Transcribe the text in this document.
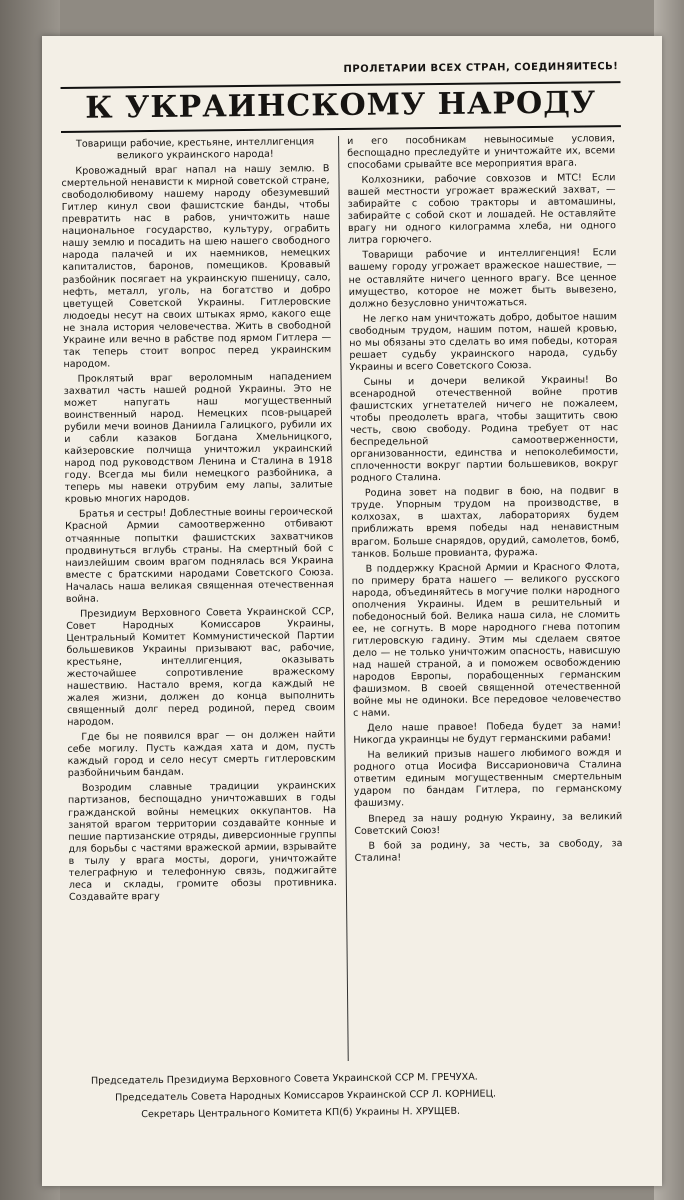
ПРОЛЕТАРИИ ВСЕХ СТРАН, СОЕДИНЯЙТЕСЬ!
К УКРАИНСКОМУ НАРОДУ

Товарищи рабочие, крестьяне, интеллигенция великого украинского народа!

Кровожадный враг напал на нашу землю. В смертельной ненависти к мирной советской стране, свободолюбивому нашему народу обезумевший Гитлер кинул свои фашистские банды, чтобы превратить нас в рабов, уничтожить наше национальное государство, культуру, ограбить нашу землю и посадить на шею нашего свободного народа палачей и их наемников, немецких капиталистов, баронов, помещиков. Кровавый разбойник посягает на украинскую пшеницу, сало, нефть, металл, уголь, на богатство и добро цветущей Советской Украины. Гитлеровские людоеды несут на своих штыках ярмо, какого еще не знала история человечества. Жить в свободной Украине или вечно в рабстве под ярмом Гитлера — так теперь стоит вопрос перед украинским народом.

Проклятый враг вероломным нападением захватил часть нашей родной Украины. Это не может напугать наш могущественный воинственный народ. Немецких псов-рыцарей рубили мечи воинов Даниила Галицкого, рубили их и сабли казаков Богдана Хмельницкого, кайзеровские полчища уничтожил украинский народ под руководством Ленина и Сталина в 1918 году. Всегда мы били немецкого разбойника, а теперь мы навеки отрубим ему лапы, залитые кровью многих народов.

Братья и сестры! Доблестные воины героической Красной Армии самоотверженно отбивают отчаянные попытки фашистских захватчиков продвинуться вглубь страны. На смертный бой с наизлейшим своим врагом поднялась вся Украина вместе с братскими народами Советского Союза. Началась наша великая священная отечественная война.

Президиум Верховного Совета Украинской ССР, Совет Народных Комиссаров Украины, Центральный Комитет Коммунистической Партии большевиков Украины призывают вас, рабочие, крестьяне, интеллигенция, оказывать жесточайшее сопротивление вражескому нашествию. Настало время, когда каждый не жалея жизни, должен до конца выполнить священный долг перед родиной, перед своим народом.

Где бы не появился враг — он должен найти себе могилу. Пусть каждая хата и дом, пусть каждый город и село несут смерть гитлеровским разбойничьим бандам.

Возродим славные традиции украинских партизанов, беспощадно уничтожавших в годы гражданской войны немецких оккупантов. На занятой врагом территории создавайте конные и пешие партизанские отряды, диверсионные группы для борьбы с частями вражеской армии, взрывайте в тылу у врага мосты, дороги, уничтожайте телеграфную и телефонную связь, поджигайте леса и склады, громите обозы противника. Создавайте врагу

и его пособникам невыносимые условия, беспощадно преследуйте и уничтожайте их, всеми способами срывайте все мероприятия врага.

Колхозники, рабочие совхозов и МТС! Если вашей местности угрожает вражеский захват, — забирайте с собою тракторы и автомашины, забирайте с собой скот и лошадей. Не оставляйте врагу ни одного килограмма хлеба, ни одного литра горючего.

Товарищи рабочие и интеллигенция! Если вашему городу угрожает вражеское нашествие, — не оставляйте ничего ценного врагу. Все ценное имущество, которое не может быть вывезено, должно безусловно уничтожаться.

Не легко нам уничтожать добро, добытое нашим свободным трудом, нашим потом, нашей кровью, но мы обязаны это сделать во имя победы, которая решает судьбу украинского народа, судьбу Украины и всего Советского Союза.

Сыны и дочери великой Украины! Во всенародной отечественной войне против фашистских угнетателей ничего не пожалеем, чтобы преодолеть врага, чтобы защитить свою честь, свою свободу. Родина требует от нас беспредельной самоотверженности, организованности, единства и непоколебимости, сплоченности вокруг партии большевиков, вокруг родного Сталина.

Родина зовет на подвиг в бою, на подвиг в труде. Упорным трудом на производстве, в колхозах, в шахтах, лабораториях будем приближать время победы над ненавистным врагом. Больше снарядов, орудий, самолетов, бомб, танков. Больше провианта, фуража.

В поддержку Красной Армии и Красного Флота, по примеру брата нашего — великого русского народа, объединяйтесь в могучие полки народного ополчения Украины. Идем в решительный и победоносный бой. Велика наша сила, не сломить ее, не согнуть. В море народного гнева потопим гитлеровскую гадину. Этим мы сделаем святое дело — не только уничтожим опасность, нависшую над нашей страной, а и поможем освобождению народов Европы, порабощенных германским фашизмом. В своей священной отечественной войне мы не одиноки. Все передовое человечество с нами.

Дело наше правое! Победа будет за нами! Никогда украинцы не будут германскими рабами!

На великий призыв нашего любимого вождя и родного отца Иосифа Виссарионовича Сталина ответим единым могущественным смертельным ударом по бандам Гитлера, по германскому фашизму.

Вперед за нашу родную Украину, за великий Советский Союз!

В бой за родину, за честь, за свободу, за Сталина!

Председатель Президиума Верховного Совета Украинской ССР М. ГРЕЧУХА.
Председатель Совета Народных Комиссаров Украинской ССР Л. КОРНИЕЦ.
Секретарь Центрального Комитета КП(б) Украины Н. ХРУЩЕВ.
